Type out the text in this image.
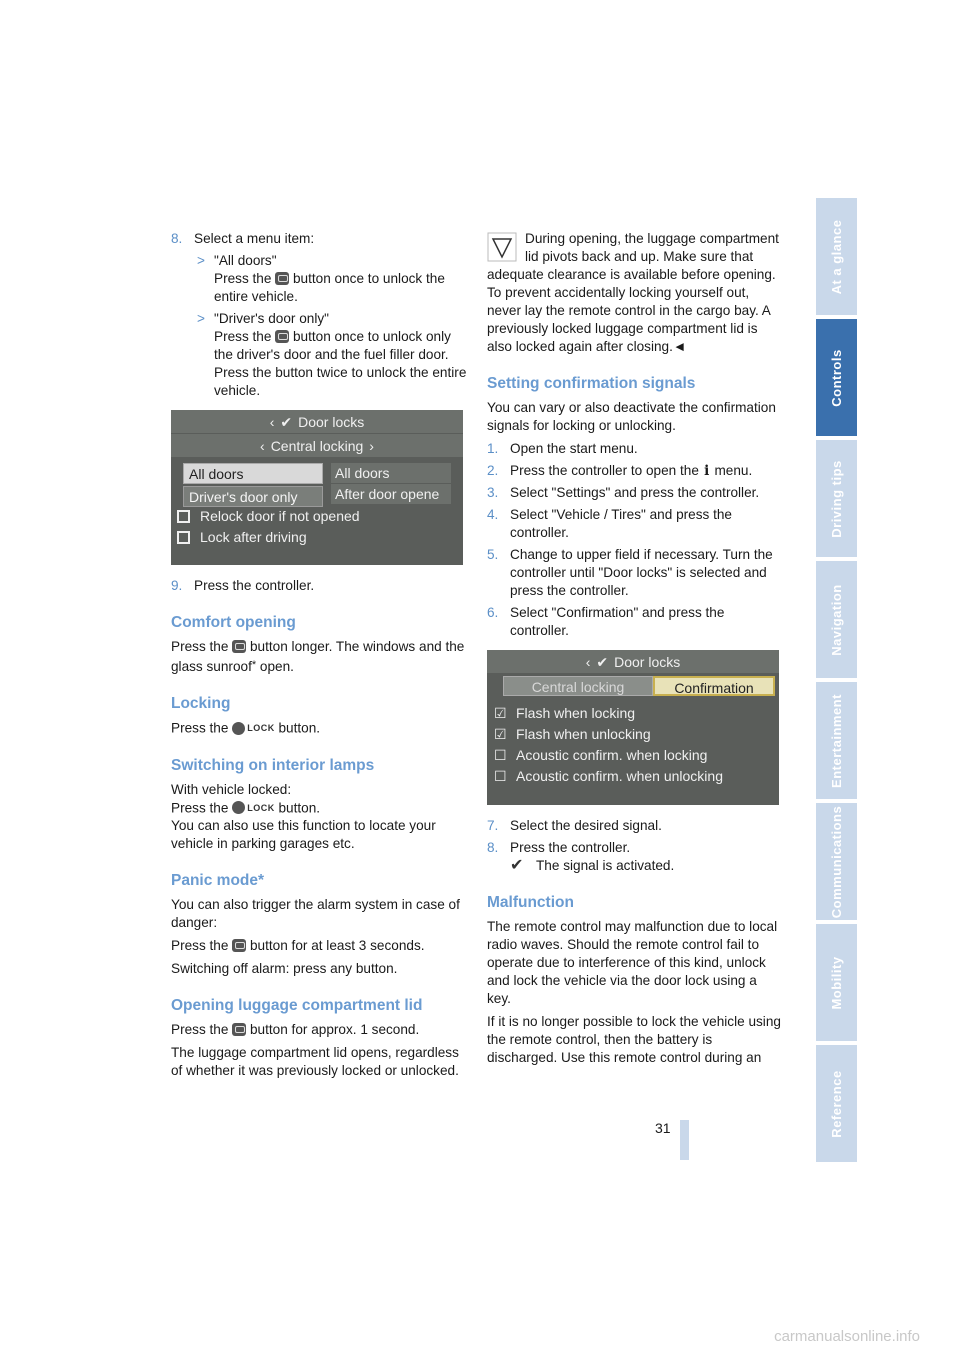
8. Select a menu item:
> "All doors"
Press the button once to unlock the entire vehicle.
> "Driver's door only"
Press the button once to unlock only the driver's door and the fuel filler door. Press the button twice to unlock the entire vehicle.
‹ ✔ Door locks
‹ Central locking ›
All doors
Driver's door only
All doors
After door opene
Relock door if not opened
Lock after driving
9. Press the controller.
Comfort opening

Press the button longer. The windows and the glass sunroof* open.

Locking

Press the LOCK button.

Switching on interior lamps

With vehicle locked:
Press the LOCK button.
You can also use this function to locate your vehicle in parking garages etc.

Panic mode*

You can also trigger the alarm system in case of danger:

Press the button for at least 3 seconds.

Switching off alarm: press any button.

Opening luggage compartment lid

Press the button for approx. 1 second.

The luggage compartment lid opens, regardless of whether it was previously locked or unlocked.

During opening, the luggage compartment lid pivots back and up. Make sure that adequate clearance is available before opening.
To prevent accidentally locking yourself out, never lay the remote control in the cargo bay. A previously locked luggage compartment lid is also locked again after closing.◄

Setting confirmation signals

You can vary or also deactivate the confirmation signals for locking or unlocking.

1. Open the start menu.
2. Press the controller to open the i menu.
3. Select "Settings" and press the controller.
4. Select "Vehicle / Tires" and press the controller.
5. Change to upper field if necessary. Turn the controller until "Door locks" is selected and press the controller.
6. Select "Confirmation" and press the controller.
‹ ✔ Door locks
Central locking	Confirmation
☑ Flash when locking
☑ Flash when unlocking
☐ Acoustic confirm. when locking
☐ Acoustic confirm. when unlocking
7. Select the desired signal.
8. Press the controller.
✔ The signal is activated.
Malfunction

The remote control may malfunction due to local radio waves. Should the remote control fail to operate due to interference of this kind, unlock and lock the vehicle via the door lock using a key.

If it is no longer possible to lock the vehicle using the remote control, then the battery is discharged. Use this remote control during an

At a glance
Controls
Driving tips
Navigation
Entertainment
Communications
Mobility
Reference
31
carmanualsonline.info
